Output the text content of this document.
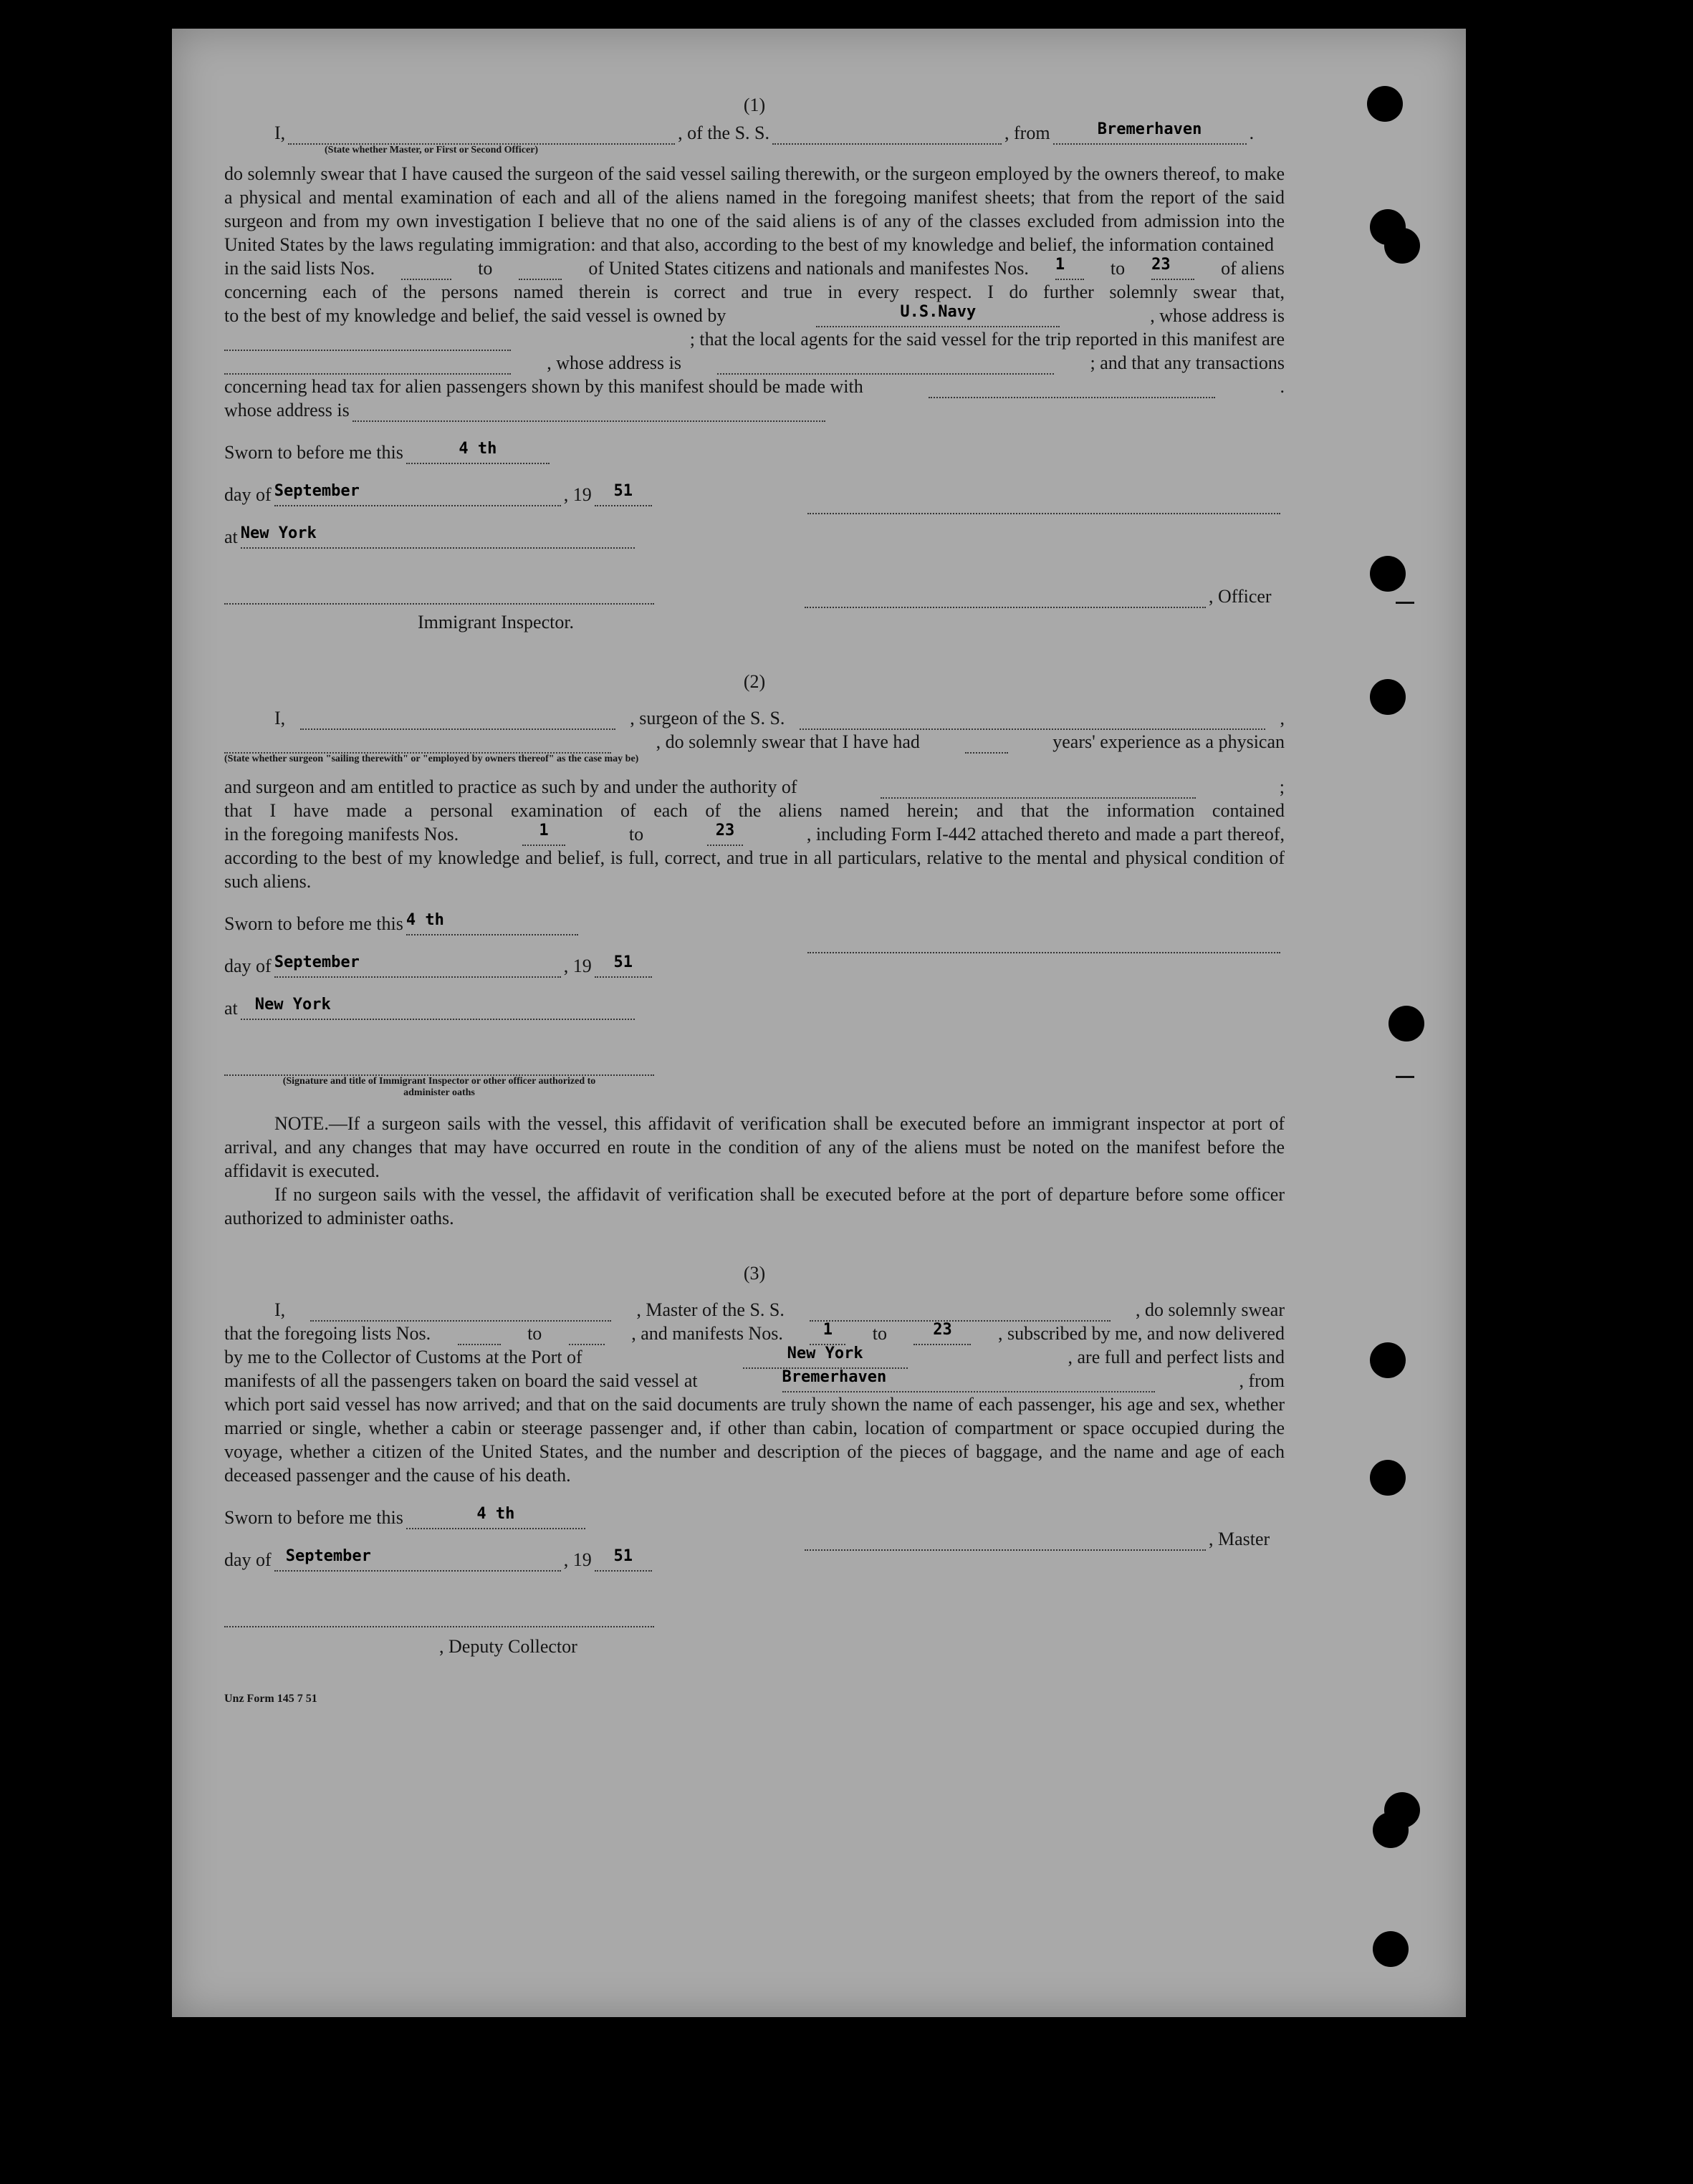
(1)
I,	, of the S. S.	, from	Bremerhaven	.
(State whether Master, or First or Second Officer)
do solemnly swear that I have caused the surgeon of the said vessel sailing therewith, or the surgeon employed by the owners thereof, to make a physical and mental examination of each and all of the aliens named in the foregoing manifest sheets; that from the report of the said surgeon and from my own investigation I believe that no one of the said aliens is of any of the classes excluded from admission into the United States by the laws regulating immigration: and that also, according to the best of my knowledge and belief, the information contained
in the said lists Nos.	to	of United States citizens and nationals and manifestes Nos. 1	to 23	of aliens
concerning each of the persons named therein is correct and true in every respect. I do further solemnly swear that,
to the best of my knowledge and belief, the said vessel is owned by	U.S.Navy	, whose address is
; that the local agents for the said vessel for the trip reported in this manifest are
, whose address is	; and that any transactions
concerning head tax for alien passengers shown by this manifest should be made with	.
whose address is
Sworn to before me this	4 th
day of September	, 19	51
at New York
Immigrant Inspector.
, Officer
(2)
I,	, surgeon of the S. S.	,
, do solemnly swear that I have had	years' experience as a physican
(State whether surgeon "sailing therewith" or "employed by owners thereof" as the case may be)
and surgeon and am entitled to practice as such by and under the authority of	;
that I have made a personal examination of each of the aliens named herein; and that the information contained
in the foregoing manifests Nos.	1	to	23	, including Form I-442 attached thereto and made a part thereof,
according to the best of my knowledge and belief, is full, correct, and true in all particulars, relative to the mental and physical condition of such aliens.
Sworn to before me this 4 th
day of September	, 19	51
at	New York
(Signature and title of Immigrant Inspector or other officer authorized to administer oaths

NOTE.—If a surgeon sails with the vessel, this affidavit of verification shall be executed before an immigrant inspector at port of arrival, and any changes that may have occurred en route in the condition of any of the aliens must be noted on the manifest before the affidavit is executed.

If no surgeon sails with the vessel, the affidavit of verification shall be executed before at the port of departure before some officer authorized to administer oaths.

(3)
I,	, Master of the S. S.	, do solemnly swear
that the foregoing lists Nos.	to	, and manifests Nos.	1	to	23	, subscribed by me, and now delivered
by me to the Collector of Customs at the Port of	New York	, are full and perfect lists and
manifests of all the passengers taken on board the said vessel at	Bremerhaven	, from
which port said vessel has now arrived; and that on the said documents are truly shown the name of each passenger, his age and sex, whether married or single, whether a cabin or steerage passenger and, if other than cabin, location of compartment or space occupied during the voyage, whether a citizen of the United States, and the number and description of the pieces of baggage, and the name and age of each deceased passenger and the cause of his death.
Sworn to before me this	4 th
day of September	, 19	51
, Deputy Collector
, Master
Unz Form 145 7 51
